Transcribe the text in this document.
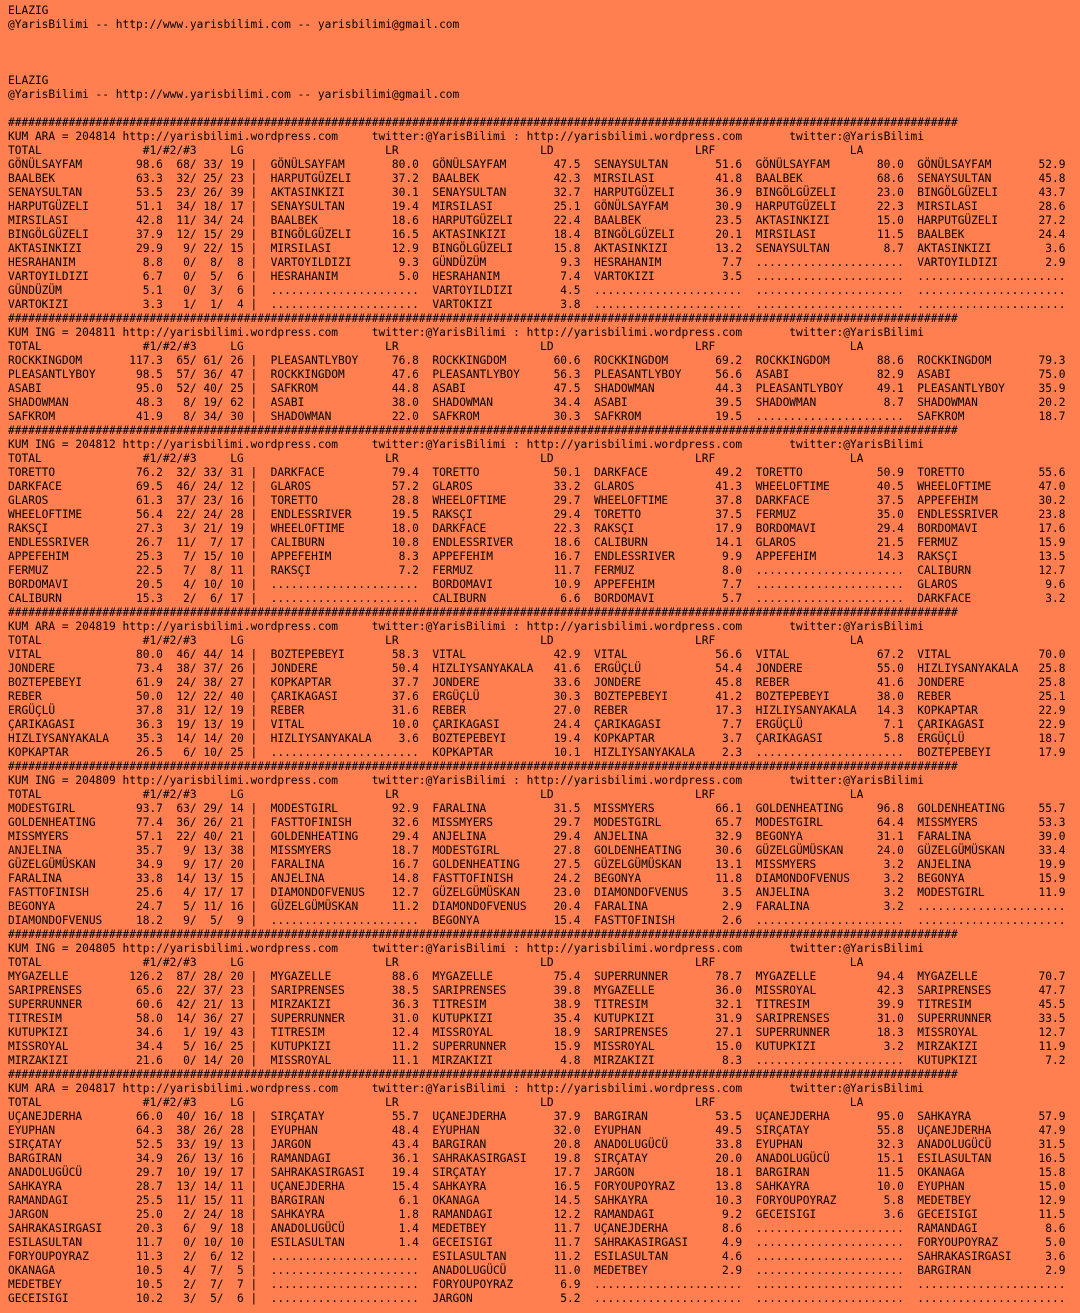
ELAZIG
@YarisBilimi -- http://www.yarisbilimi.com -- yarisbilimi@gmail.com

ELAZIG
@YarisBilimi -- http://www.yarisbilimi.com -- yarisbilimi@gmail.com

#############################################################################################################################################
KUM ARA = 204814 http://yarisbilimi.wordpress.com     twitter:@YarisBilimi : http://yarisbilimi.wordpress.com       twitter:@YarisBilimi
TOTAL               #1/#2/#3     LG                     LR                     LD                     LRF                    LA
GÖNÜLSAYFAM        98.6  68/ 33/ 19 |  GÖNÜLSAYFAM       80.0  GÖNÜLSAYFAM       47.5  SENAYSULTAN       51.6  GÖNÜLSAYFAM       80.0  GÖNÜLSAYFAM       52.9
BAALBEK            63.3  32/ 25/ 23 |  HARPUTGÜZELI      37.2  BAALBEK           42.3  MIRSILASI         41.8  BAALBEK           68.6  SENAYSULTAN       45.8
SENAYSULTAN        53.5  23/ 26/ 39 |  AKTASINKIZI       30.1  SENAYSULTAN       32.7  HARPUTGÜZELI      36.9  BINGÖLGÜZELI      23.0  BINGÖLGÜZELI      43.7
HARPUTGÜZELI       51.1  34/ 18/ 17 |  SENAYSULTAN       19.4  MIRSILASI         25.1  GÖNÜLSAYFAM       30.9  HARPUTGÜZELI      22.3  MIRSILASI         28.6
MIRSILASI          42.8  11/ 34/ 24 |  BAALBEK           18.6  HARPUTGÜZELI      22.4  BAALBEK           23.5  AKTASINKIZI       15.0  HARPUTGÜZELI      27.2
BINGÖLGÜZELI       37.9  12/ 15/ 29 |  BINGÖLGÜZELI      16.5  AKTASINKIZI       18.4  BINGÖLGÜZELI      20.1  MIRSILASI         11.5  BAALBEK           24.4
AKTASINKIZI        29.9   9/ 22/ 15 |  MIRSILASI         12.9  BINGÖLGÜZELI      15.8  AKTASINKIZI       13.2  SENAYSULTAN        8.7  AKTASINKIZI        3.6
HESRAHANIM          8.8   0/  8/  8 |  VARTOYILDIZI       9.3  GÜNDÜZÜM           9.3  HESRAHANIM         7.7  ......................  VARTOYILDIZI       2.9
VARTOYILDIZI        6.7   0/  5/  6 |  HESRAHANIM         5.0  HESRAHANIM         7.4  VARTOKIZI          3.5  ......................  ......................
GÜNDÜZÜM            5.1   0/  3/  6 |  ......................  VARTOYILDIZI       4.5  ......................  ......................  ......................
VARTOKIZI           3.3   1/  1/  4 |  ......................  VARTOKIZI          3.8  ......................  ......................  ......................
#############################################################################################################################################
KUM ING = 204811 http://yarisbilimi.wordpress.com     twitter:@YarisBilimi : http://yarisbilimi.wordpress.com       twitter:@YarisBilimi
TOTAL               #1/#2/#3     LG                     LR                     LD                     LRF                    LA
ROCKKINGDOM       117.3  65/ 61/ 26 |  PLEASANTLYBOY     76.8  ROCKKINGDOM       60.6  ROCKKINGDOM       69.2  ROCKKINGDOM       88.6  ROCKKINGDOM       79.3
PLEASANTLYBOY      98.5  57/ 36/ 47 |  ROCKKINGDOM       47.6  PLEASANTLYBOY     56.3  PLEASANTLYBOY     56.6  ASABI             82.9  ASABI             75.0
ASABI              95.0  52/ 40/ 25 |  SAFKROM           44.8  ASABI             47.5  SHADOWMAN         44.3  PLEASANTLYBOY     49.1  PLEASANTLYBOY     35.9
SHADOWMAN          48.3   8/ 19/ 62 |  ASABI             38.0  SHADOWMAN         34.4  ASABI             39.5  SHADOWMAN          8.7  SHADOWMAN         20.2
SAFKROM            41.9   8/ 34/ 30 |  SHADOWMAN         22.0  SAFKROM           30.3  SAFKROM           19.5  ......................  SAFKROM           18.7
#############################################################################################################################################
KUM ING = 204812 http://yarisbilimi.wordpress.com     twitter:@YarisBilimi : http://yarisbilimi.wordpress.com       twitter:@YarisBilimi
TOTAL               #1/#2/#3     LG                     LR                     LD                     LRF                    LA
TORETTO            76.2  32/ 33/ 31 |  DARKFACE          79.4  TORETTO           50.1  DARKFACE          49.2  TORETTO           50.9  TORETTO           55.6
DARKFACE           69.5  46/ 24/ 12 |  GLAROS            57.2  GLAROS            33.2  GLAROS            41.3  WHEELOFTIME       40.5  WHEELOFTIME       47.0
GLAROS             61.3  37/ 23/ 16 |  TORETTO           28.8  WHEELOFTIME       29.7  WHEELOFTIME       37.8  DARKFACE          37.5  APPEFEHIM         30.2
WHEELOFTIME        56.4  22/ 24/ 28 |  ENDLESSRIVER      19.5  RAKSÇI            29.4  TORETTO           37.5  FERMUZ            35.0  ENDLESSRIVER      23.8
RAKSÇI             27.3   3/ 21/ 19 |  WHEELOFTIME       18.0  DARKFACE          22.3  RAKSÇI            17.9  BORDOMAVI         29.4  BORDOMAVI         17.6
ENDLESSRIVER       26.7  11/  7/ 17 |  CALIBURN          10.8  ENDLESSRIVER      18.6  CALIBURN          14.1  GLAROS            21.5  FERMUZ            15.9
APPEFEHIM          25.3   7/ 15/ 10 |  APPEFEHIM          8.3  APPEFEHIM         16.7  ENDLESSRIVER       9.9  APPEFEHIM         14.3  RAKSÇI            13.5
FERMUZ             22.5   7/  8/ 11 |  RAKSÇI             7.2  FERMUZ            11.7  FERMUZ             8.0  ......................  CALIBURN          12.7
BORDOMAVI          20.5   4/ 10/ 10 |  ......................  BORDOMAVI         10.9  APPEFEHIM          7.7  ......................  GLAROS             9.6
CALIBURN           15.3   2/  6/ 17 |  ......................  CALIBURN           6.6  BORDOMAVI          5.7  ......................  DARKFACE           3.2
#############################################################################################################################################
KUM ARA = 204819 http://yarisbilimi.wordpress.com     twitter:@YarisBilimi : http://yarisbilimi.wordpress.com       twitter:@YarisBilimi
TOTAL               #1/#2/#3     LG                     LR                     LD                     LRF                    LA
VITAL              80.0  46/ 44/ 14 |  BOZTEPEBEYI       58.3  VITAL             42.9  VITAL             56.6  VITAL             67.2  VITAL             70.0
JONDERE            73.4  38/ 37/ 26 |  JONDERE           50.4  HIZLIYSANYAKALA   41.6  ERGÜÇLÜ           54.4  JONDERE           55.0  HIZLIYSANYAKALA   25.8
BOZTEPEBEYI        61.9  24/ 38/ 27 |  KOPKAPTAR         37.7  JONDERE           33.6  JONDERE           45.8  REBER             41.6  JONDERE           25.8
REBER              50.0  12/ 22/ 40 |  ÇARIKAGASI        37.6  ERGÜÇLÜ           30.3  BOZTEPEBEYI       41.2  BOZTEPEBEYI       38.0  REBER             25.1
ERGÜÇLÜ            37.8  31/ 12/ 19 |  REBER             31.6  REBER             27.0  REBER             17.3  HIZLIYSANYAKALA   14.3  KOPKAPTAR         22.9
ÇARIKAGASI         36.3  19/ 13/ 19 |  VITAL             10.0  ÇARIKAGASI        24.4  ÇARIKAGASI         7.7  ERGÜÇLÜ            7.1  ÇARIKAGASI        22.9
HIZLIYSANYAKALA    35.3  14/ 14/ 20 |  HIZLIYSANYAKALA    3.6  BOZTEPEBEYI       19.4  KOPKAPTAR          3.7  ÇARIKAGASI         5.8  ERGÜÇLÜ           18.7
KOPKAPTAR          26.5   6/ 10/ 25 |  ......................  KOPKAPTAR         10.1  HIZLIYSANYAKALA    2.3  ......................  BOZTEPEBEYI       17.9
#############################################################################################################################################
KUM ING = 204809 http://yarisbilimi.wordpress.com     twitter:@YarisBilimi : http://yarisbilimi.wordpress.com       twitter:@YarisBilimi
TOTAL               #1/#2/#3     LG                     LR                     LD                     LRF                    LA
MODESTGIRL         93.7  63/ 29/ 14 |  MODESTGIRL        92.9  FARALINA          31.5  MISSMYERS         66.1  GOLDENHEATING     96.8  GOLDENHEATING     55.7
GOLDENHEATING      77.4  36/ 26/ 21 |  FASTTOFINISH      32.6  MISSMYERS         29.7  MODESTGIRL        65.7  MODESTGIRL        64.4  MISSMYERS         53.3
MISSMYERS          57.1  22/ 40/ 21 |  GOLDENHEATING     29.4  ANJELINA          29.4  ANJELINA          32.9  BEGONYA           31.1  FARALINA          39.0
ANJELINA           35.7   9/ 13/ 38 |  MISSMYERS         18.7  MODESTGIRL        27.8  GOLDENHEATING     30.6  GÜZELGÜMÜSKAN     24.0  GÜZELGÜMÜSKAN     33.4
GÜZELGÜMÜSKAN      34.9   9/ 17/ 20 |  FARALINA          16.7  GOLDENHEATING     27.5  GÜZELGÜMÜSKAN     13.1  MISSMYERS          3.2  ANJELINA          19.9
FARALINA           33.8  14/ 13/ 15 |  ANJELINA          14.8  FASTTOFINISH      24.2  BEGONYA           11.8  DIAMONDOFVENUS     3.2  BEGONYA           15.9
FASTTOFINISH       25.6   4/ 17/ 17 |  DIAMONDOFVENUS    12.7  GÜZELGÜMÜSKAN     23.0  DIAMONDOFVENUS     3.5  ANJELINA           3.2  MODESTGIRL        11.9
BEGONYA            24.7   5/ 11/ 16 |  GÜZELGÜMÜSKAN     11.2  DIAMONDOFVENUS    20.4  FARALINA           2.9  FARALINA           3.2  ......................
DIAMONDOFVENUS     18.2   9/  5/  9 |  ......................  BEGONYA           15.4  FASTTOFINISH       2.6  ......................  ......................
#############################################################################################################################################
KUM ING = 204805 http://yarisbilimi.wordpress.com     twitter:@YarisBilimi : http://yarisbilimi.wordpress.com       twitter:@YarisBilimi
TOTAL               #1/#2/#3     LG                     LR                     LD                     LRF                    LA
MYGAZELLE         126.2  87/ 28/ 20 |  MYGAZELLE         88.6  MYGAZELLE         75.4  SUPERRUNNER       78.7  MYGAZELLE         94.4  MYGAZELLE         70.7
SARIPRENSES        65.6  22/ 37/ 23 |  SARIPRENSES       38.5  SARIPRENSES       39.8  MYGAZELLE         36.0  MISSROYAL         42.3  SARIPRENSES       47.7
SUPERRUNNER        60.6  42/ 21/ 13 |  MIRZAKIZI         36.3  TITRESIM          38.9  TITRESIM          32.1  TITRESIM          39.9  TITRESIM          45.5
TITRESIM           58.0  14/ 36/ 27 |  SUPERRUNNER       31.0  KUTUPKIZI         35.4  KUTUPKIZI         31.9  SARIPRENSES       31.0  SUPERRUNNER       33.5
KUTUPKIZI          34.6   1/ 19/ 43 |  TITRESIM          12.4  MISSROYAL         18.9  SARIPRENSES       27.1  SUPERRUNNER       18.3  MISSROYAL         12.7
MISSROYAL          34.4   5/ 16/ 25 |  KUTUPKIZI         11.2  SUPERRUNNER       15.9  MISSROYAL         15.0  KUTUPKIZI          3.2  MIRZAKIZI         11.9
MIRZAKIZI          21.6   0/ 14/ 20 |  MISSROYAL         11.1  MIRZAKIZI          4.8  MIRZAKIZI          8.3  ......................  KUTUPKIZI          7.2
#############################################################################################################################################
KUM ARA = 204817 http://yarisbilimi.wordpress.com     twitter:@YarisBilimi : http://yarisbilimi.wordpress.com       twitter:@YarisBilimi
TOTAL               #1/#2/#3     LG                     LR                     LD                     LRF                    LA
UÇANEJDERHA        66.0  40/ 16/ 18 |  SIRÇATAY          55.7  UÇANEJDERHA       37.9  BARGIRAN          53.5  UÇANEJDERHA       95.0  SAHKAYRA          57.9
EYUPHAN            64.3  38/ 26/ 28 |  EYUPHAN           48.4  EYUPHAN           32.0  EYUPHAN           49.5  SIRÇATAY          55.8  UÇANEJDERHA       47.9
SIRÇATAY           52.5  33/ 19/ 13 |  JARGON            43.4  BARGIRAN          20.8  ANADOLUGÜCÜ       33.8  EYUPHAN           32.3  ANADOLUGÜCÜ       31.5
BARGIRAN           34.9  26/ 13/ 16 |  RAMANDAGI         36.1  SAHRAKASIRGASI    19.8  SIRÇATAY          20.0  ANADOLUGÜCÜ       15.1  ESILASULTAN       16.5
ANADOLUGÜCÜ        29.7  10/ 19/ 17 |  SAHRAKASIRGASI    19.4  SIRÇATAY          17.7  JARGON            18.1  BARGIRAN          11.5  OKANAGA           15.8
SAHKAYRA           28.7  13/ 14/ 11 |  UÇANEJDERHA       15.4  SAHKAYRA          16.5  FORYOUPOYRAZ      13.8  SAHKAYRA          10.0  EYUPHAN           15.0
RAMANDAGI          25.5  11/ 15/ 11 |  BARGIRAN           6.1  OKANAGA           14.5  SAHKAYRA          10.3  FORYOUPOYRAZ       5.8  MEDETBEY          12.9
JARGON             25.0   2/ 24/ 18 |  SAHKAYRA           1.8  RAMANDAGI         12.2  RAMANDAGI          9.2  GECEISIGI          3.6  GECEISIGI         11.5
SAHRAKASIRGASI     20.3   6/  9/ 18 |  ANADOLUGÜCÜ        1.4  MEDETBEY          11.7  UÇANEJDERHA        8.6  ......................  RAMANDAGI          8.6
ESILASULTAN        11.7   0/ 10/ 10 |  ESILASULTAN        1.4  GECEISIGI         11.7  SAHRAKASIRGASI     4.9  ......................  FORYOUPOYRAZ       5.0
FORYOUPOYRAZ       11.3   2/  6/ 12 |  ......................  ESILASULTAN       11.2  ESILASULTAN        4.6  ......................  SAHRAKASIRGASI     3.6
OKANAGA            10.5   4/  7/  5 |  ......................  ANADOLUGÜCÜ       11.0  MEDETBEY           2.9  ......................  BARGIRAN           2.9
MEDETBEY           10.5   2/  7/  7 |  ......................  FORYOUPOYRAZ       6.9  ......................  ......................  ......................
GECEISIGI          10.2   3/  5/  6 |  ......................  JARGON             5.2  ......................  ......................  ......................
